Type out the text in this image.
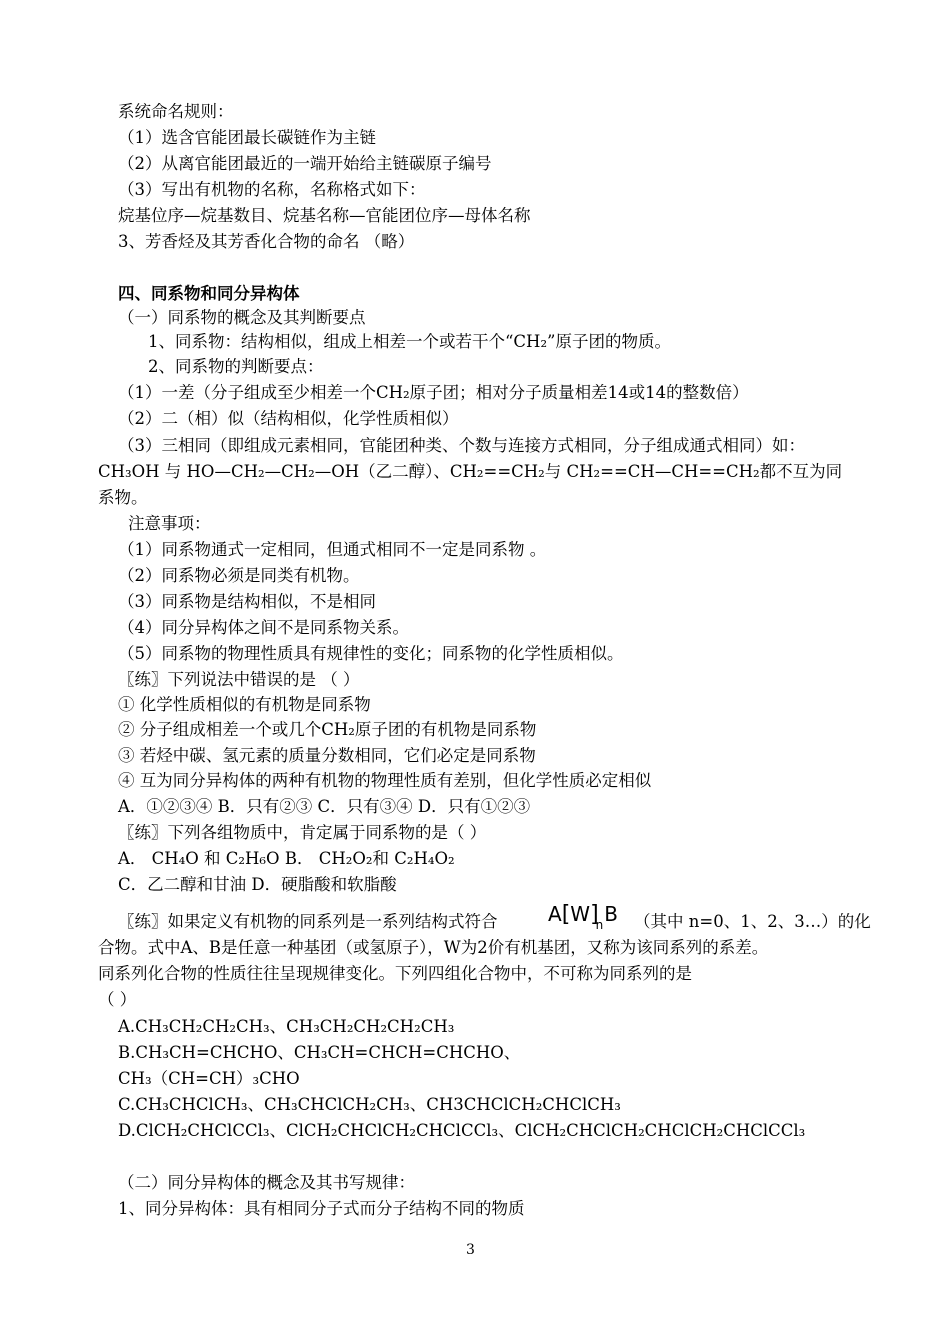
系统命名规则：
（1）选含官能团最长碳链作为主链
（2）从离官能团最近的一端开始给主链碳原子编号
（3）写出有机物的名称，名称格式如下：
烷基位序—烷基数目、烷基名称—官能团位序—母体名称
3、芳香烃及其芳香化合物的命名 （略）
四、同系物和同分异构体
（一）同系物的概念及其判断要点
1、同系物：结构相似，组成上相差一个或若干个“CH₂”原子团的物质。
2、同系物的判断要点：
（1）一差（分子组成至少相差一个CH₂原子团；相对分子质量相差14或14的整数倍）
（2）二（相）似（结构相似，化学性质相似）
（3）三相同（即组成元素相同，官能团种类、个数与连接方式相同，分子组成通式相同）如：
CH₃OH 与 HO—CH₂—CH₂—OH（乙二醇）、CH₂==CH₂与 CH₂==CH—CH==CH₂都不互为同
系物。
注意事项：
（1）同系物通式一定相同，但通式相同不一定是同系物 。
（2）同系物必须是同类有机物。
（3）同系物是结构相似，不是相同
（4）同分异构体之间不是同系物关系。
（5）同系物的物理性质具有规律性的变化；同系物的化学性质相似。
〖练〗下列说法中错误的是 （ ）
① 化学性质相似的有机物是同系物
② 分子组成相差一个或几个CH₂原子团的有机物是同系物
③ 若烃中碳、氢元素的质量分数相同，它们必定是同系物
④ 互为同分异构体的两种有机物的物理性质有差别，但化学性质必定相似
A．①②③④ B．只有②③ C．只有③④ D．只有①②③
〖练〗下列各组物质中，肯定属于同系物的是（ ）
A． CH₄O 和 C₂H₆O B． CH₂O₂和 C₂H₄O₂
C．乙二醇和甘油 D．硬脂酸和软脂酸
〖练〗如果定义有机物的同系列是一系列结构式符合	$A[W]_nB$ （其中 n=0、1、2、3…）的化
合物。式中A、B是任意一种基团（或氢原子），W为2价有机基团，又称为该同系列的系差。
同系列化合物的性质往往呈现规律变化。下列四组化合物中，不可称为同系列的是
（ ）
A.CH₃CH₂CH₂CH₃、CH₃CH₂CH₂CH₂CH₃
B.CH₃CH=CHCHO、CH₃CH=CHCH=CHCHO、
CH₃（CH=CH）₃CHO
C.CH₃CHClCH₃、CH₃CHClCH₂CH₃、CH3CHClCH₂CHClCH₃
D.ClCH₂CHClCCl₃、ClCH₂CHClCH₂CHClCCl₃、ClCH₂CHClCH₂CHClCH₂CHClCCl₃
（二）同分异构体的概念及其书写规律：
1、同分异构体：具有相同分子式而分子结构不同的物质
3
